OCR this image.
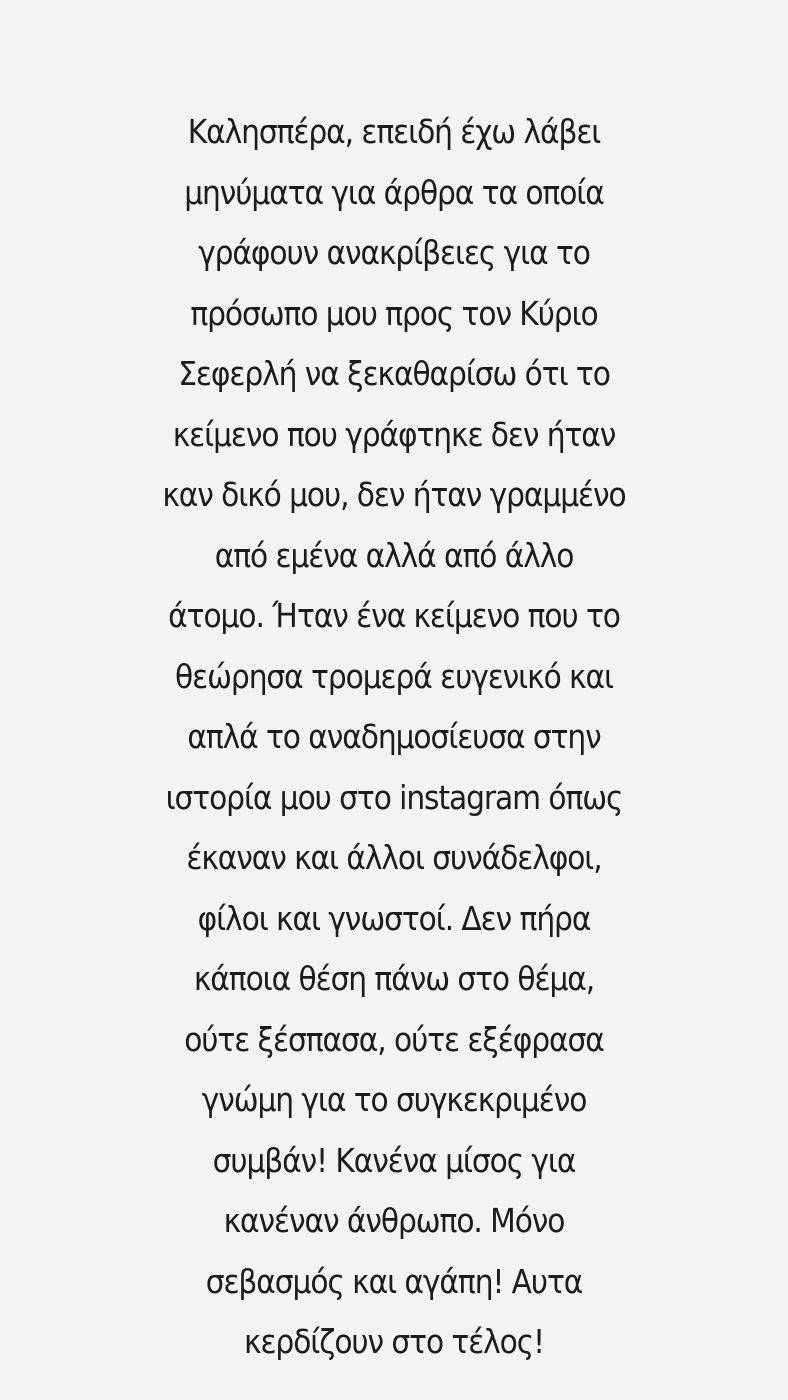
Καλησπέρα, επειδή έχω λάβει
μηνύματα για άρθρα τα οποία
γράφουν ανακρίβειες για το
πρόσωπο μου προς τον Κύριο
Σεφερλή να ξεκαθαρίσω ότι το
κείμενο που γράφτηκε δεν ήταν
καν δικό μου, δεν ήταν γραμμένο
από εμένα αλλά από άλλο
άτομο. Ήταν ένα κείμενο που το
θεώρησα τρομερά ευγενικό και
απλά το αναδημοσίευσα στην
ιστορία μου στο instagram όπως
έκαναν και άλλοι συνάδελφοι,
φίλοι και γνωστοί. Δεν πήρα
κάποια θέση πάνω στο θέμα,
ούτε ξέσπασα, ούτε εξέφρασα
γνώμη για το συγκεκριμένο
συμβάν! Κανένα μίσος για
κανέναν άνθρωπο. Μόνο
σεβασμός και αγάπη! Αυτα
κερδίζουν στο τέλος!
